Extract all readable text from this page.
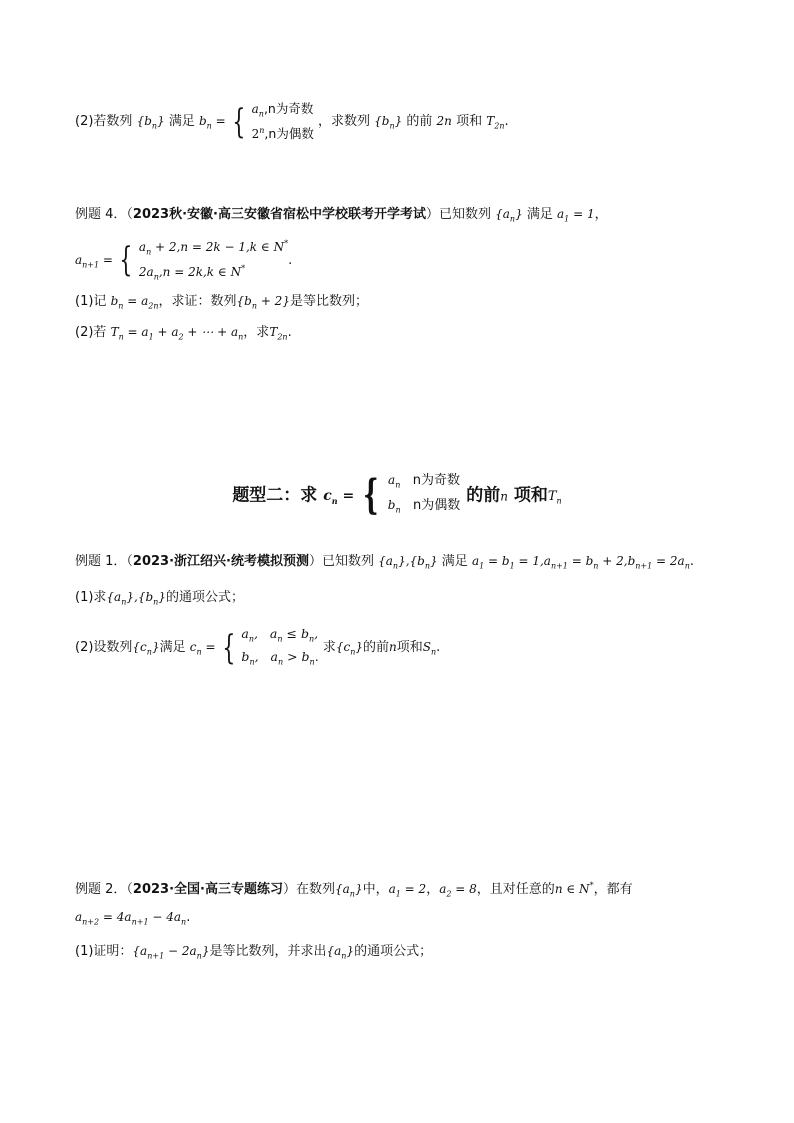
(2)若数列 $\{b_n\}$ 满足 $b_n$ = { $a_n,n$为奇数
2$^n$,n为偶数
，求数列 $\{b_n\}$ 的前 2n 项和 $T_{2n}$.
例题 4．（2023秋·安徽·高三安徽省宿松中学校联考开学考试）已知数列 $\{a_n\}$ 满足 $a_1 = 1$，
$a_{n+1}$ = { $a_n + 2,n = 2k - 1,k$ ∈ N*
$2a_n,n = 2k,k$ ∈ N*
.
(1)记 $b_n = a_{2n}$，求证：数列$\{b_n + 2\}$是等比数列；
(2)若 $T_n = a_1 + a_2$ + ⋯ + $a_n$，求$T_{2n}$.
题型二：求 $c_n$ = { $a_n$ n为奇数
$b_n$ n为偶数
的前n 项和$T_n$
例题 1．（2023·浙江绍兴·统考模拟预测）已知数列 $\{a_n\},\{b_n\}$ 满足 $a_1 = b_1 = 1,a_{n+1} = b_n + 2,b_{n+1} = 2a_n$.
(1)求$\{a_n\},\{b_n\}$的通项公式；
(2)设数列$\{c_n\}$满足 $c_n$ = { $a_n$,   $a_n \le b_n$,
$b_n$,   $a_n > b_n$.
求$\{c_n\}$的前n项和$S_n$.
例题 2．（2023·全国·高三专题练习）在数列$\{a_n\}$中，$a_1 = 2$，$a_2 = 8$，且对任意的n ∈ N*，都有
$a_{n+2} = 4a_{n+1} - 4a_n$.
(1)证明：$\{a_{n+1} - 2a_n\}$是等比数列，并求出$\{a_n\}$的通项公式；
